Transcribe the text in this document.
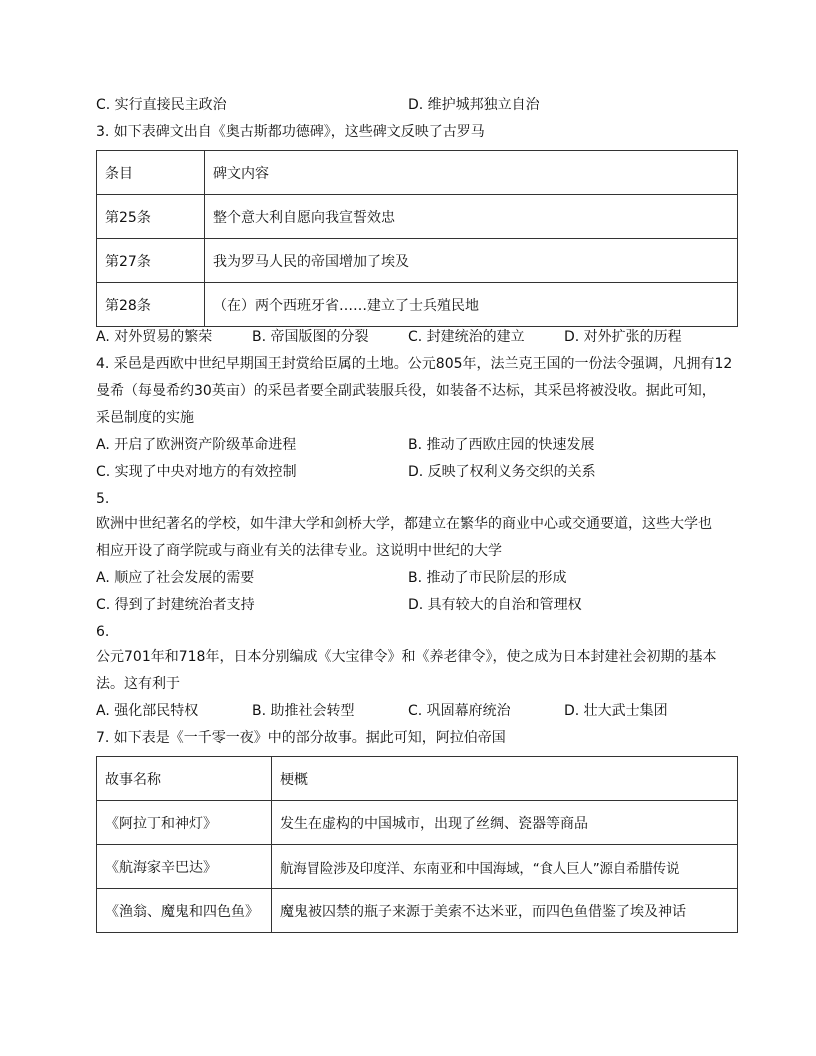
C. 实行直接民主政治	D. 维护城邦独立自治
3. 如下表碑文出自《奥古斯都功德碑》，这些碑文反映了古罗马
条目	碑文内容
第25条	整个意大利自愿向我宣誓效忠
第27条	我为罗马人民的帝国增加了埃及
第28条	（在）两个西班牙省……建立了士兵殖民地
A. 对外贸易的繁荣	B. 帝国版图的分裂	C. 封建统治的建立	D. 对外扩张的历程
4. 采邑是西欧中世纪早期国王封赏给臣属的土地。公元805年，法兰克王国的一份法令强调，凡拥有12
曼希（每曼希约30英亩）的采邑者要全副武装服兵役，如装备不达标，其采邑将被没收。据此可知，
采邑制度的实施
A. 开启了欧洲资产阶级革命进程	B. 推动了西欧庄园的快速发展
C. 实现了中央对地方的有效控制	D. 反映了权利义务交织的关系
5.
欧洲中世纪著名的学校，如牛津大学和剑桥大学，都建立在繁华的商业中心或交通要道，这些大学也
相应开设了商学院或与商业有关的法律专业。这说明中世纪的大学
A. 顺应了社会发展的需要	B. 推动了市民阶层的形成
C. 得到了封建统治者支持	D. 具有较大的自治和管理权
6.
公元701年和718年，日本分别编成《大宝律令》和《养老律令》，使之成为日本封建社会初期的基本
法。这有利于
A. 强化部民特权	B. 助推社会转型	C. 巩固幕府统治	D. 壮大武士集团
7. 如下表是《一千零一夜》中的部分故事。据此可知，阿拉伯帝国
故事名称	梗概
《阿拉丁和神灯》	发生在虚构的中国城市，出现了丝绸、瓷器等商品
《航海家辛巴达》	航海冒险涉及印度洋、东南亚和中国海域，“食人巨人”源自希腊传说
《渔翁、魔鬼和四色鱼》	魔鬼被囚禁的瓶子来源于美索不达米亚，而四色鱼借鉴了埃及神话
